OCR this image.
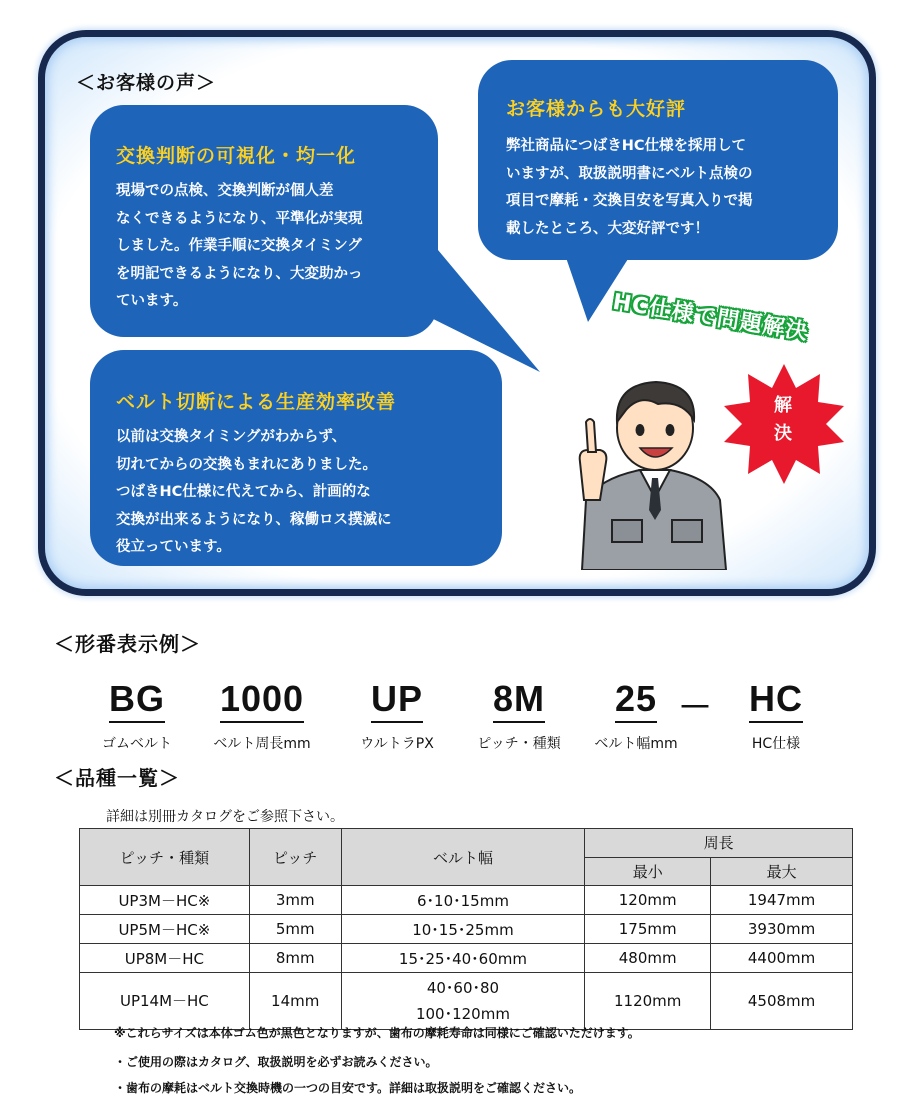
＜お客様の声＞
交換判断の可視化・均一化
現場での点検、交換判断が個人差
なくできるようになり、平準化が実現
しました。作業手順に交換タイミング
を明記できるようになり、大変助かっ
ています。
お客様からも大好評
弊社商品につばきHC仕様を採用して
いますが、取扱説明書にベルト点検の
項目で摩耗・交換目安を写真入りで掲
載したところ、大変好評です！
ベルト切断による生産効率改善
以前は交換タイミングがわからず、
切れてからの交換もまれにありました。
つばきHC仕様に代えてから、計画的な
交換が出来るようになり、稼働ロス撲滅に
役立っています。
HC仕様で問題解決
解
決
＜形番表示例＞
BG
ゴムベルト
1000
ベルト周長mm
UP
ウルトラPX
8M
ピッチ・種類
25
ベルト幅mm
－	HC
HC仕様
＜品種一覧＞
詳細は別冊カタログをご参照下さい。
ピッチ・種類	ピッチ	ベルト幅	周長	
			最小	最大
UP3M－HC※	3mm	6･10･15mm	120mm	1947mm
UP5M－HC※	5mm	10･15･25mm	175mm	3930mm
UP8M－HC	8mm	15･25･40･60mm	480mm	4400mm
UP14M－HC	14mm	40･60･80
100･120mm	1120mm	4508mm
※これらサイズは本体ゴム色が黒色となりますが、歯布の摩耗寿命は同様にご確認いただけます。
・ご使用の際はカタログ、取扱説明を必ずお読みください。
・歯布の摩耗はベルト交換時機の一つの目安です。詳細は取扱説明をご確認ください。
